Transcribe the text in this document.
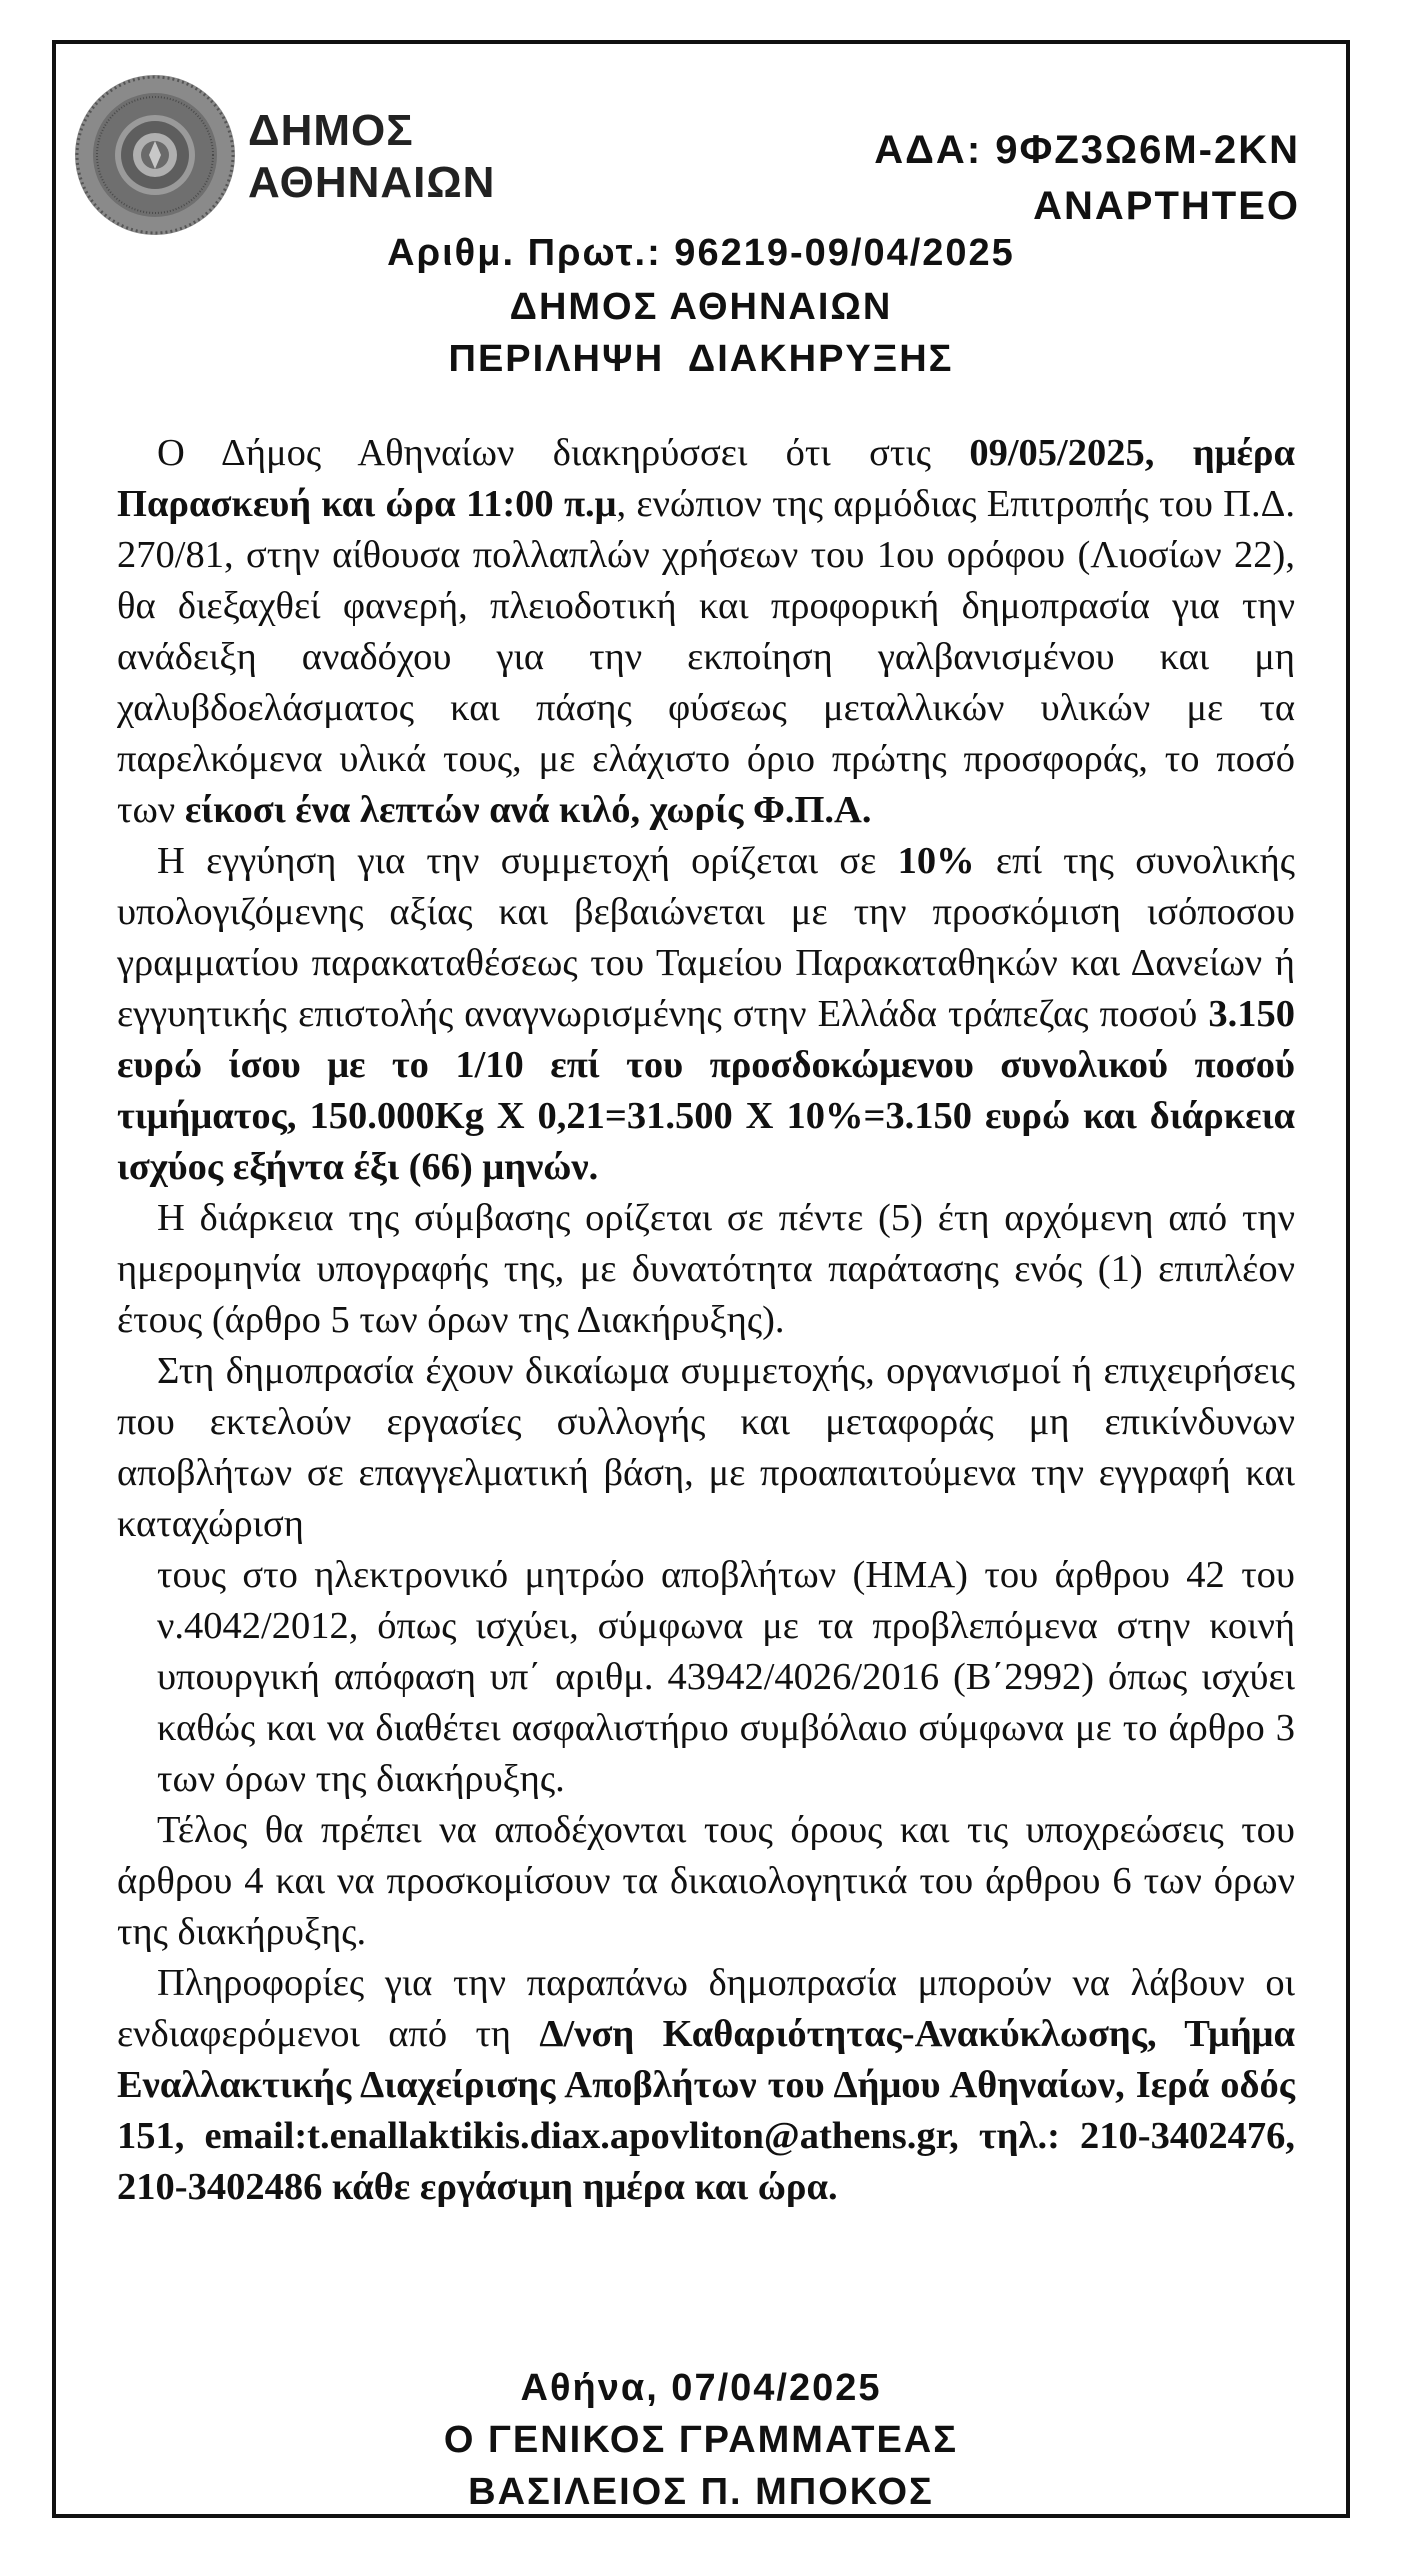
ΔΗΜΟΣ
ΑΘΗΝΑΙΩΝ
ΑΔΑ: 9ΦΖ3Ω6Μ-2ΚΝ
ΑΝΑΡΤΗΤΕΟ
Αριθμ. Πρωτ.: 96219-09/04/2025
ΔΗΜΟΣ ΑΘΗΝΑΙΩΝ
ΠΕΡΙΛΗΨΗ  ΔΙΑΚΗΡΥΞΗΣ

Ο Δήμος Αθηναίων διακηρύσσει ότι στις 09/05/2025, ημέρα Παρασκευή και ώρα 11:00 π.μ, ενώπιον της αρμόδιας Επιτροπής του Π.Δ. 270/81, στην αίθουσα πολλαπλών χρήσεων του 1ου ορόφου (Λιοσίων 22), θα διεξαχθεί φανερή, πλειοδοτική και προφορική δημοπρασία για την ανάδειξη αναδόχου για την εκποίηση γαλβανισμένου και μη χαλυβδοελάσματος και πάσης φύσεως μεταλλικών υλικών με τα παρελκόμενα υλικά τους, με ελάχιστο όριο πρώτης προσφοράς, το ποσό των είκοσι ένα λεπτών ανά κιλό, χωρίς Φ.Π.Α.

Η εγγύηση για την συμμετοχή ορίζεται σε 10% επί της συνολικής υπολογιζόμενης αξίας και βεβαιώνεται με την προσκόμιση ισόποσου γραμματίου παρακαταθέσεως του Ταμείου Παρακαταθηκών και Δανείων ή εγγυητικής επιστολής αναγνωρισμένης στην Ελλάδα τράπεζας ποσού 3.150 ευρώ ίσου με το 1/10 επί του προσδοκώμενου συνολικού ποσού τιμήματος, 150.000Kg X 0,21=31.500 X 10%=3.150 ευρώ και διάρκεια ισχύος εξήντα έξι (66) μηνών.

Η διάρκεια της σύμβασης ορίζεται σε πέντε (5) έτη αρχόμενη από την ημερομηνία υπογραφής της, με δυνατότητα παράτασης ενός (1) επιπλέον έτους (άρθρο 5 των όρων της Διακήρυξης).

Στη δημοπρασία έχουν δικαίωμα συμμετοχής, οργανισμοί ή επιχειρήσεις που εκτελούν εργασίες συλλογής και μεταφοράς μη επικίνδυνων αποβλήτων σε επαγγελματική βάση, με προαπαιτούμενα την εγγραφή και καταχώριση

τους στο ηλεκτρονικό μητρώο αποβλήτων (ΗΜΑ) του άρθρου 42 του ν.4042/2012, όπως ισχύει, σύμφωνα με τα προβλεπόμενα στην κοινή υπουργική απόφαση υπ΄ αριθμ. 43942/4026/2016 (Β΄2992) όπως ισχύει καθώς και να διαθέτει ασφαλιστήριο συμβόλαιο σύμφωνα με το άρθρο 3 των όρων της διακήρυξης.

Τέλος θα πρέπει να αποδέχονται τους όρους και τις υποχρεώσεις του άρθρου 4 και να προσκομίσουν τα δικαιολογητικά του άρθρου 6 των όρων της διακήρυξης.

Πληροφορίες για την παραπάνω δημοπρασία μπορούν να λάβουν οι ενδιαφερόμενοι από τη Δ/νση Καθαριότητας-Ανακύκλωσης, Τμήμα Εναλλακτικής Διαχείρισης Αποβλήτων του Δήμου Αθηναίων, Ιερά οδός 151, email:t.enallaktikis.diax.apovliton@athens.gr, τηλ.: 210-3402476, 210-3402486 κάθε εργάσιμη ημέρα και ώρα.

Αθήνα, 07/04/2025
Ο ΓΕΝΙΚΟΣ ΓΡΑΜΜΑΤΕΑΣ
ΒΑΣΙΛΕΙΟΣ Π. ΜΠΟΚΟΣ
